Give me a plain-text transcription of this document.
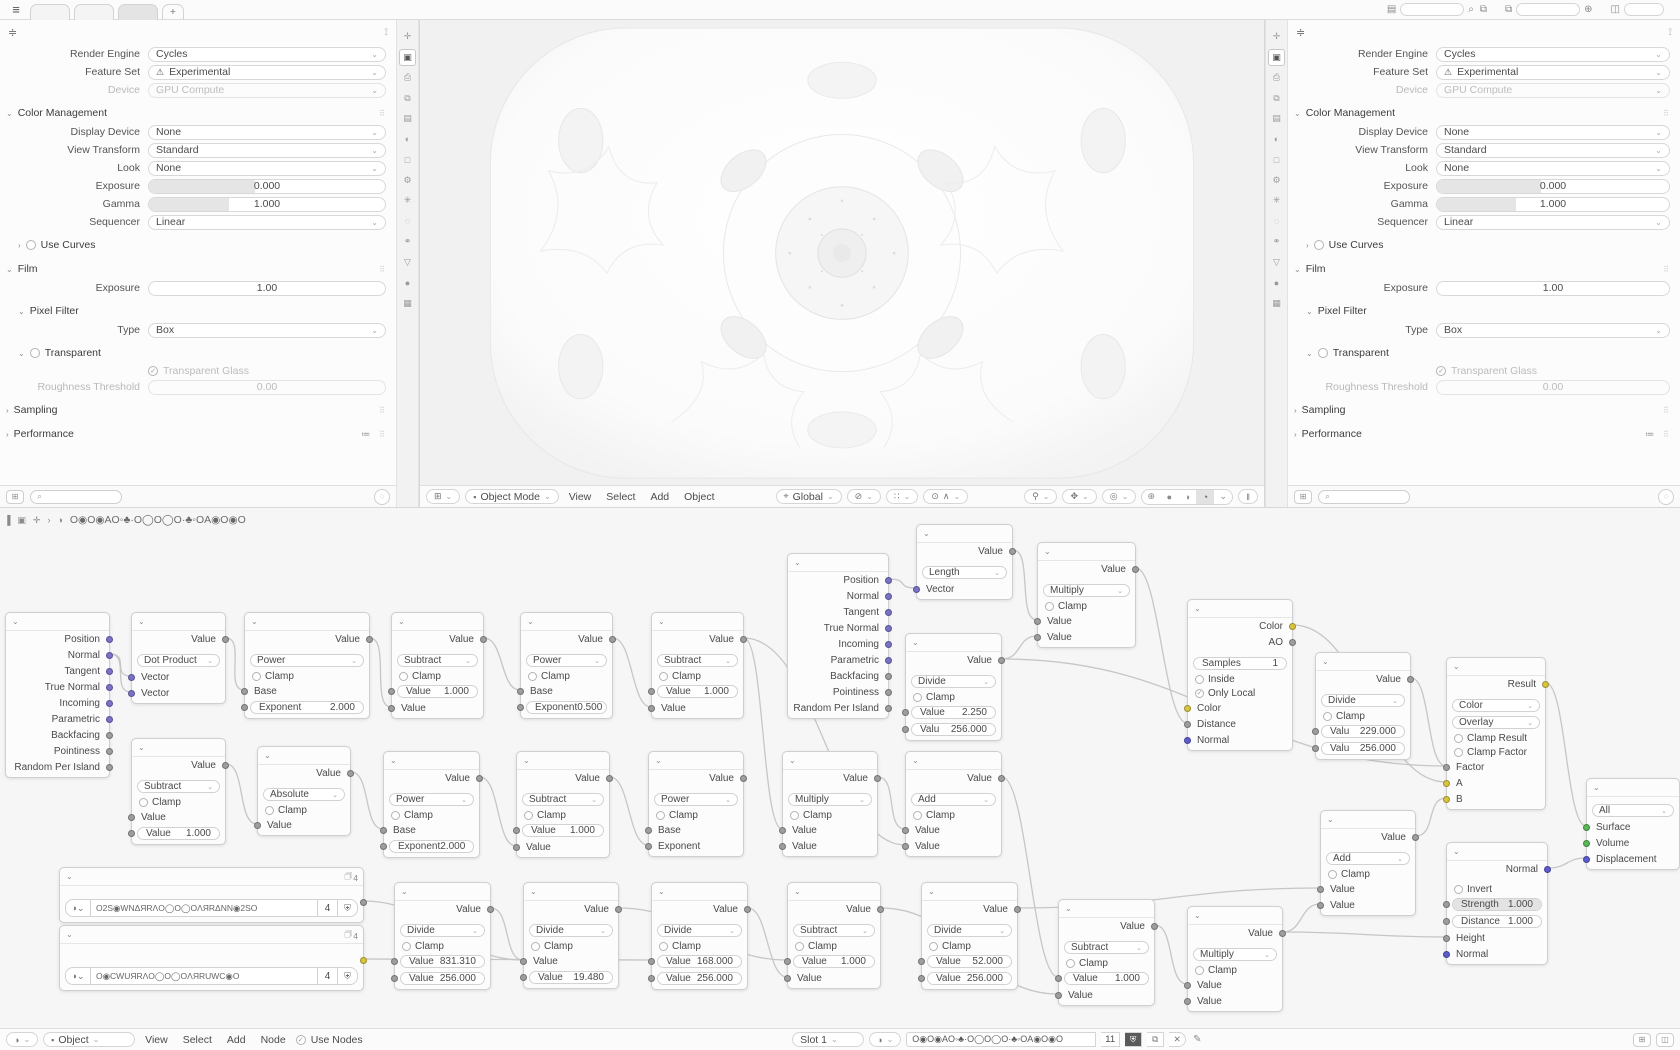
≡	+	▤	⌕ ⧉ ⧉	⊕ ◫
≑	⟟
Render Engine	Cycles	⌄
Feature Set	⚠ Experimental	⌄
Device	GPU Compute	⌄
⌄ Color Management	⠿
Display Device	None	⌄
View Transform	Standard	⌄
Look	None	⌄
Exposure	0.000
Gamma	1.000
Sequencer	Linear	⌄
› Use Curves
⌄ Film	⠿
Exposure	1.00
⌄ Pixel Filter
Type	Box	⌄
⌄ Transparent
✓ Transparent Glass
Roughness Threshold	0.00
› Sampling	⠿
› Performance	≔ ⠿
⊞	⌕	◌
✛
▣
⎙
⧉
▤
◐
□
⚙
✳
◌
⚭
▽
●
▦
⊞ ⌄ ▪ Object Mode ⌄	View	Select	Add	Object	⌖ Global ⌄ ⊘ ⌄ ∷ ⌄ ⊙ ∧ ⌄	⚲ ⌄ ✥ ⌄ ◎ ⌄	⊕	●	◑	◔	⌄	‖
✛
▣
⎙
⧉
▤
◐
□
⚙
✳
◌
⚭
▽
●
▦
≑	⟟
Render Engine	Cycles	⌄
Feature Set	⚠ Experimental	⌄
Device	GPU Compute	⌄
⌄ Color Management	⠿
Display Device	None	⌄
View Transform	Standard	⌄
Look	None	⌄
Exposure	0.000
Gamma	1.000
Sequencer	Linear	⌄
› Use Curves
⌄ Film	⠿
Exposure	1.00
⌄ Pixel Filter
Type	Box	⌄
⌄ Transparent
✓ Transparent Glass
Roughness Threshold	0.00
› Sampling	⠿
› Performance	≔ ⠿
⊞	⌕	◌
▐ ▣ ✛ › ◑ O◉O◉AO◦♣·O◯O◯O·♣◦OA◉O◉O
⌄
Position
Normal
Tangent
True Normal
Incoming
Parametric
Backfacing
Pointiness
Random Per Island
⌄
Value
Dot Product ⌄
Vector
Vector
⌄
Value
Power	⌄
Clamp
Base
Exponent	2.000
⌄
Value
Subtract	⌄
Clamp
Value 1.000
Value
⌄
Value
Power	⌄
Clamp
Base
Exponent 0.500
⌄
Value
Subtract	⌄
Clamp
Value 1.000
Value
⌄
Position
Normal
Tangent
True Normal
Incoming
Parametric
Backfacing
Pointiness
Random Per Island
⌄
Value
Length	⌄
Vector
⌄
Value
Multiply	⌄
Clamp
Value
Value
⌄
Value
Divide	⌄
Clamp
Value 2.250
Valu 256.000
⌄
Color
AO
Samples	1
Inside
✓ Only Local
Color
Distance
Normal
⌄
Value
Divide	⌄
Clamp
Valu 229.000
Valu 256.000
⌄
Result
Color	⌄
Overlay	⌄
Clamp Result
Clamp Factor
Factor
A
B
⌄
All	⌄
Surface
Volume
Displacement
⌄
Normal
Invert
Strength 1.000
Distance 1.000
Height
Normal
⌄
Value
Subtract	⌄
Clamp
Value
Value 1.000
⌄
Value
Absolute	⌄
Clamp
Value
⌄
Value
Power	⌄
Clamp
Base
Exponent 2.000
⌄
Value
Subtract	⌄
Clamp
Value 1.000
Value
⌄
Value
Power	⌄
Clamp
Base
Exponent
⌄
Value
Multiply	⌄
Clamp
Value
Value
⌄
Value
Add	⌄
Clamp
Value
Value
⌄	🗇 4
◑⌄	O2S◉WNΔЯRΛO◯O◯OΛЯRΔNN◉2SO	4	⛨
⌄	🗇 4
◑⌄	O◉CWUЯRΛO◯O◯OΛЯRUWC◉O	4	⛨
⌄
Value
Divide	⌄
Clamp
Value 831.310
Value 256.000
⌄
Value
Divide	⌄
Clamp
Value
Value 19.480
⌄
Value
Divide	⌄
Clamp
Value 168.000
Value 256.000
⌄
Value
Subtract	⌄
Clamp
Value 1.000
Value
⌄
Value
Divide	⌄
Clamp
Value 52.000
Value 256.000
⌄
Value
Subtract	⌄
Clamp
Value 1.000
Value
⌄
Value
Multiply	⌄
Clamp
Value
Value
⌄
Value
Add	⌄
Clamp
Value
Value
◑ ⌄ ▪ Object ⌄	View	Select	Add	Node	✓ Use Nodes	Slot 1 ⌄	◑ ⌄ O◉O◉AO◦♣·O◯O◯O·♣◦OA◉O◉O	11	⛨	⧉	✕	✎	⊞	◫
